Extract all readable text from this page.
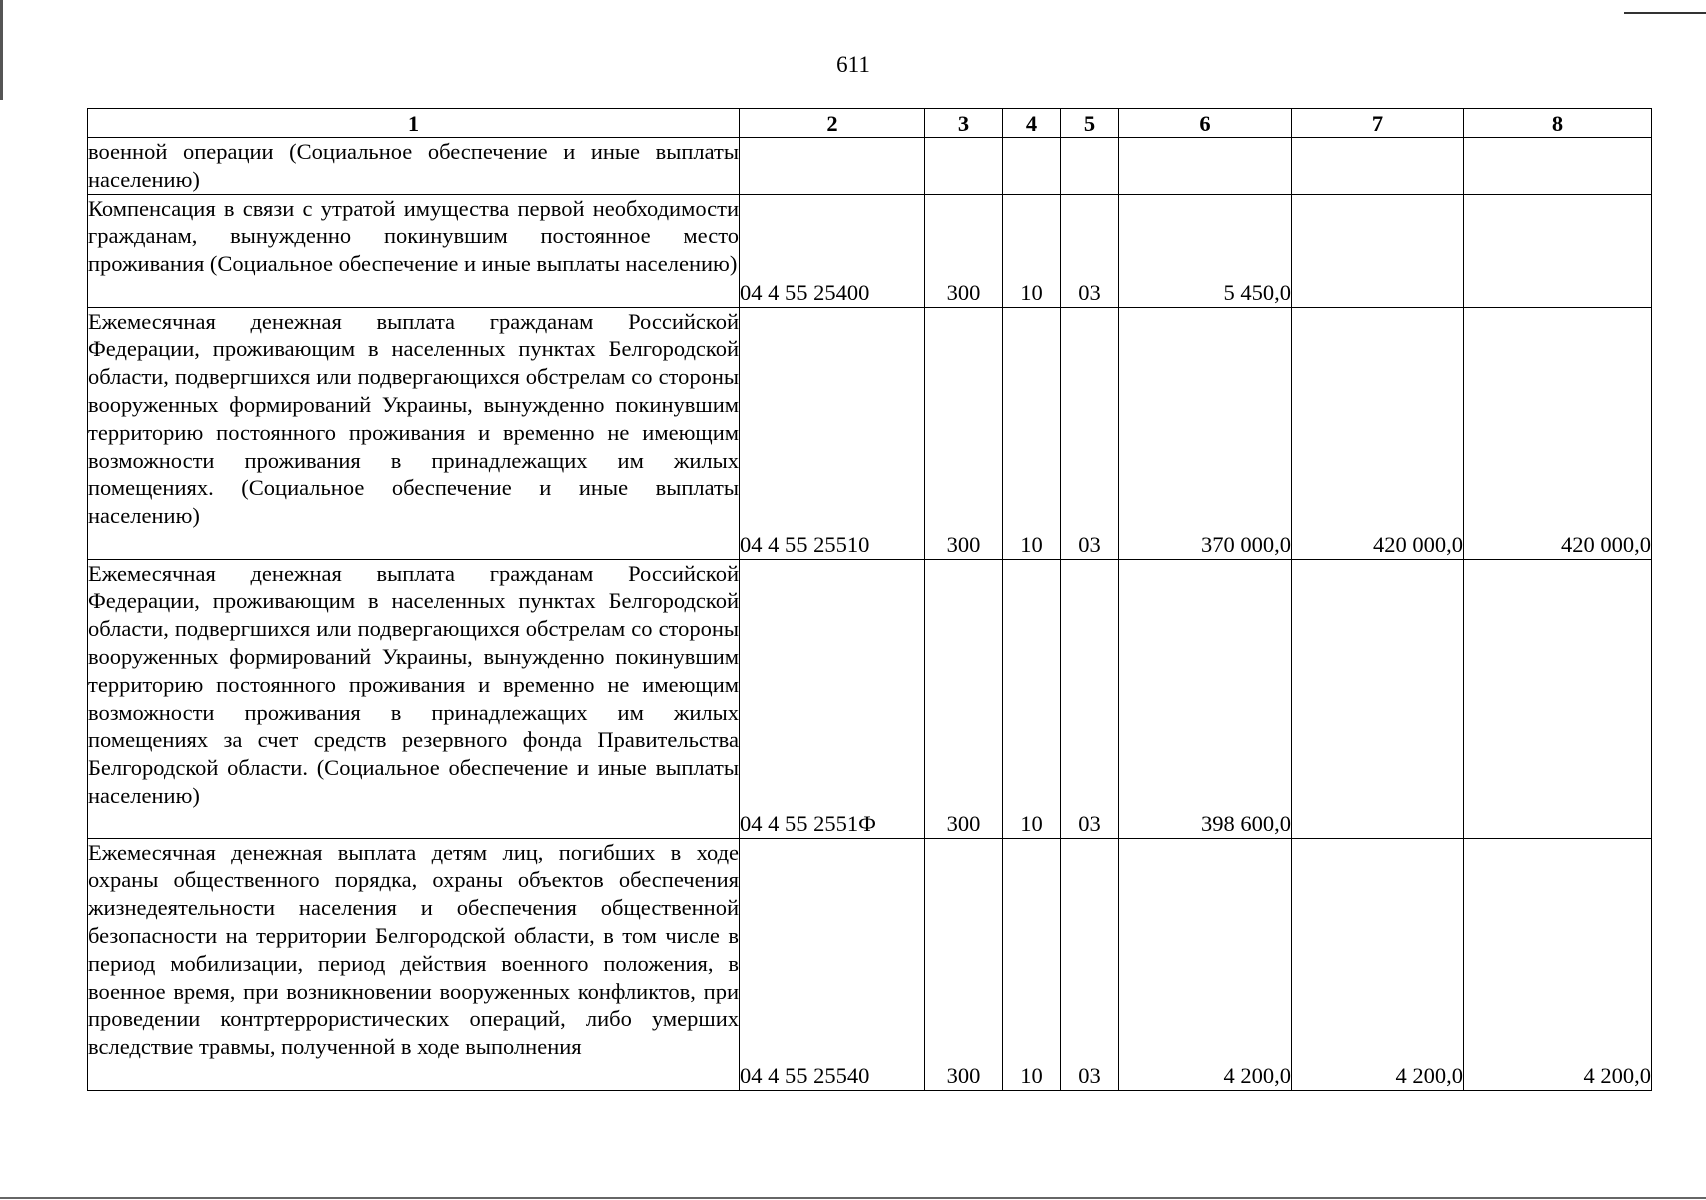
611
1	2	3	4	5	6	7	8

военной операции (Социальное обеспечение и иные выплаты населению)							

Компенсация в связи с утратой имущества первой необходимости гражданам, вынужденно покинувшим постоянное место проживания (Социальное обеспечение и иные выплаты населению)	04 4 55 25400	300	10	03	5 450,0		

Ежемесячная денежная выплата гражданам Российской Федерации, проживающим в населенных пунктах Белгородской области, подвергшихся или подвергающихся обстрелам со стороны вооруженных формирований Украины, вынужденно покинувшим территорию постоянного проживания и временно не имеющим возможности проживания в принадлежащих им жилых помещениях. (Социальное обеспечение и иные выплаты населению)	04 4 55 25510	300	10	03	370 000,0	420 000,0	420 000,0

Ежемесячная денежная выплата гражданам Российской Федерации, проживающим в населенных пунктах Белгородской области, подвергшихся или подвергающихся обстрелам со стороны вооруженных формирований Украины, вынужденно покинувшим территорию постоянного проживания и временно не имеющим возможности проживания в принадлежащих им жилых помещениях за счет средств резервного фонда Правительства Белгородской области. (Социальное обеспечение и иные выплаты населению)	04 4 55 2551Ф	300	10	03	398 600,0		

Ежемесячная денежная выплата детям лиц, погибших в ходе охраны общественного порядка, охраны объектов обеспечения жизнедеятельности населения и обеспечения общественной безопасности на территории Белгородской области, в том числе в период мобилизации, период действия военного положения, в военное время, при возникновении вооруженных конфликтов, при проведении контртеррористических операций, либо умерших вследствие травмы, полученной в ходе выполнения	04 4 55 25540	300	10	03	4 200,0	4 200,0	4 200,0
